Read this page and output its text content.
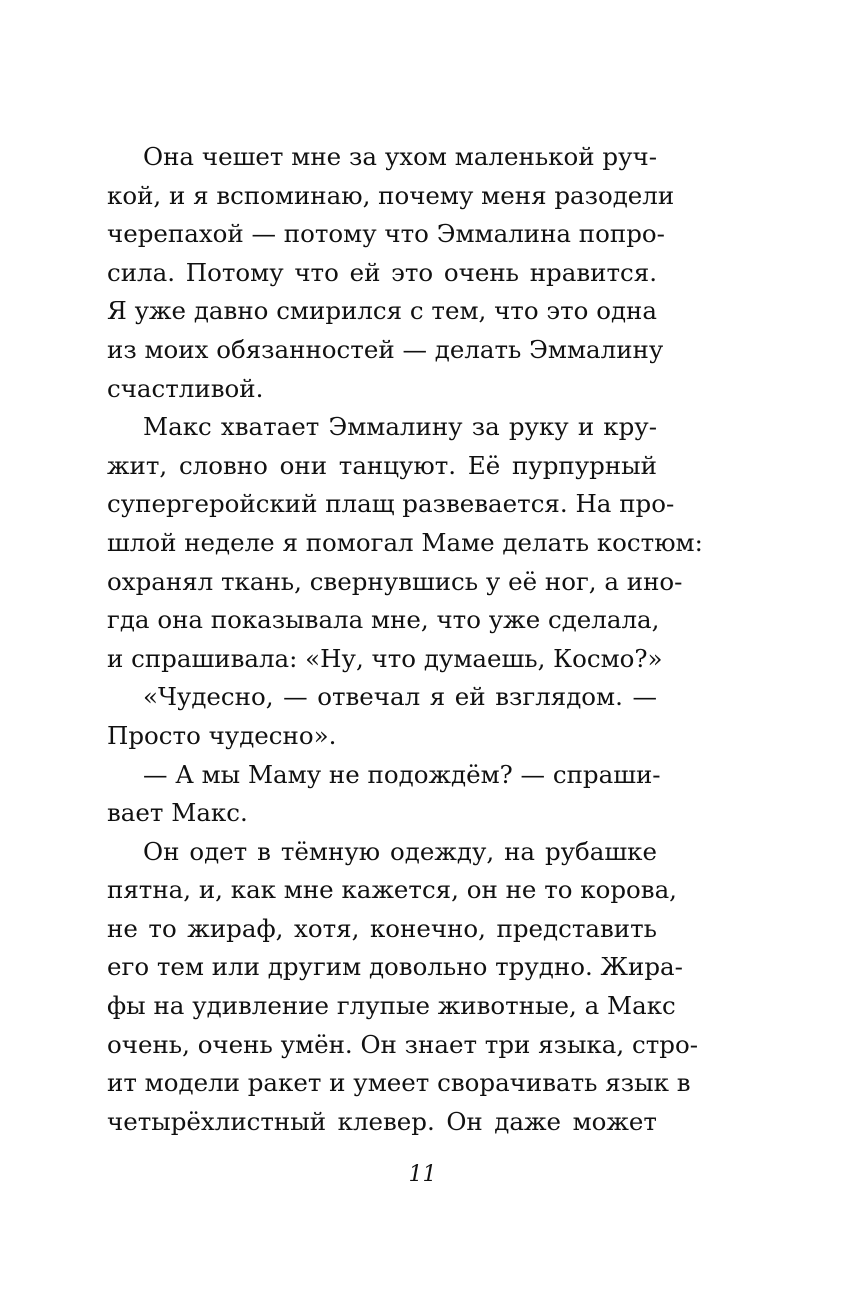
Она чешет мне за ухом маленькой руч-
кой, и я вспоминаю, почему меня разодели
черепахой — потому что Эммалина попро-
сила. Потому что ей это очень нравится.
Я уже давно смирился с тем, что это одна
из моих обязанностей — делать Эммалину
счастливой.
Макс хватает Эммалину за руку и кру-
жит, словно они танцуют. Её пурпурный
супергеройский плащ развевается. На про-
шлой неделе я помогал Маме делать костюм:
охранял ткань, свернувшись у её ног, а ино-
гда она показывала мне, что уже сделала,
и спрашивала: «Ну, что думаешь, Космо?»
«Чудесно, — отвечал я ей взглядом. —
Просто чудесно».
— А мы Маму не подождём? — спраши-
вает Макс.
Он одет в тёмную одежду, на рубашке
пятна, и, как мне кажется, он не то корова,
не то жираф, хотя, конечно, представить
его тем или другим довольно трудно. Жира-
фы на удивление глупые животные, а Макс
очень, очень умён. Он знает три языка, стро-
ит модели ракет и умеет сворачивать язык в
четырёхлистный клевер. Он даже может
11
